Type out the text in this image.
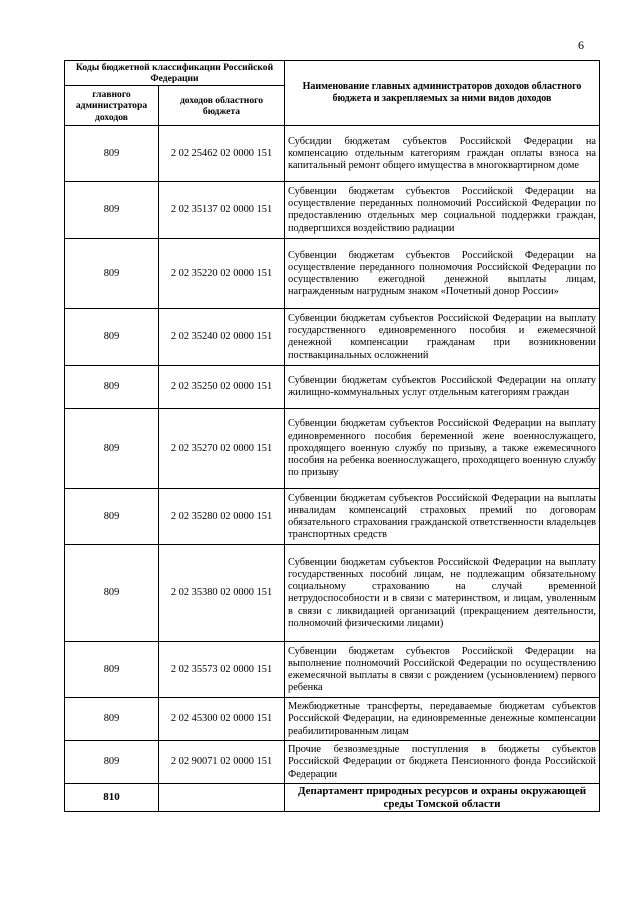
6
Коды бюджетной классификации Российской Федерации		Наименование главных администраторов доходов областного бюджета и закрепляемых за ними видов доходов
главного администратора доходов	доходов областного бюджета	
809	2 02 25462 02 0000 151	Субсидии бюджетам субъектов Российской Федерации на компенсацию отдельным категориям граждан оплаты взноса на капитальный ремонт общего имущества в многоквартирном доме
809	2 02 35137 02 0000 151	Субвенции бюджетам субъектов Российской Федерации на осуществление переданных полномочий Российской Федерации по предоставлению отдельных мер социальной поддержки граждан, подвергшихся воздействию радиации
809	2 02 35220 02 0000 151	Субвенции бюджетам субъектов Российской Федерации на осуществление переданного полномочия Российской Федерации по осуществлению ежегодной денежной выплаты лицам, награжденным нагрудным знаком «Почетный донор России»
809	2 02 35240 02 0000 151	Субвенции бюджетам субъектов Российской Федерации на выплату государственного единовременного пособия и ежемесячной денежной компенсации гражданам при возникновении поствакцинальных осложнений
809	2 02 35250 02 0000 151	Субвенции бюджетам субъектов Российской Федерации на оплату жилищно-коммунальных услуг отдельным категориям граждан
809	2 02 35270 02 0000 151	Субвенции бюджетам субъектов Российской Федерации на выплату единовременного пособия беременной жене военнослужащего, проходящего военную службу по призыву, а также ежемесячного пособия на ребенка военнослужащего, проходящего военную службу по призыву
809	2 02 35280 02 0000 151	Субвенции бюджетам субъектов Российской Федерации на выплаты инвалидам компенсаций страховых премий по договорам обязательного страхования гражданской ответственности владельцев транспортных средств
809	2 02 35380 02 0000 151	Субвенции бюджетам субъектов Российской Федерации на выплату государственных пособий лицам, не подлежащим обязательному социальному страхованию на случай временной нетрудоспособности и в связи с материнством, и лицам, уволенным в связи с ликвидацией организаций (прекращением деятельности, полномочий физическими лицами)
809	2 02 35573 02 0000 151	Субвенции бюджетам субъектов Российской Федерации на выполнение полномочий Российской Федерации по осуществлению ежемесячной выплаты в связи с рождением (усыновлением) первого ребенка
809	2 02 45300 02 0000 151	Межбюджетные трансферты, передаваемые бюджетам субъектов Российской Федерации, на единовременные денежные компенсации реабилитированным лицам
809	2 02 90071 02 0000 151	Прочие безвозмездные поступления в бюджеты субъектов Российской Федерации от бюджета Пенсионного фонда Российской Федерации
810		Департамент природных ресурсов и охраны окружающей среды Томской области
